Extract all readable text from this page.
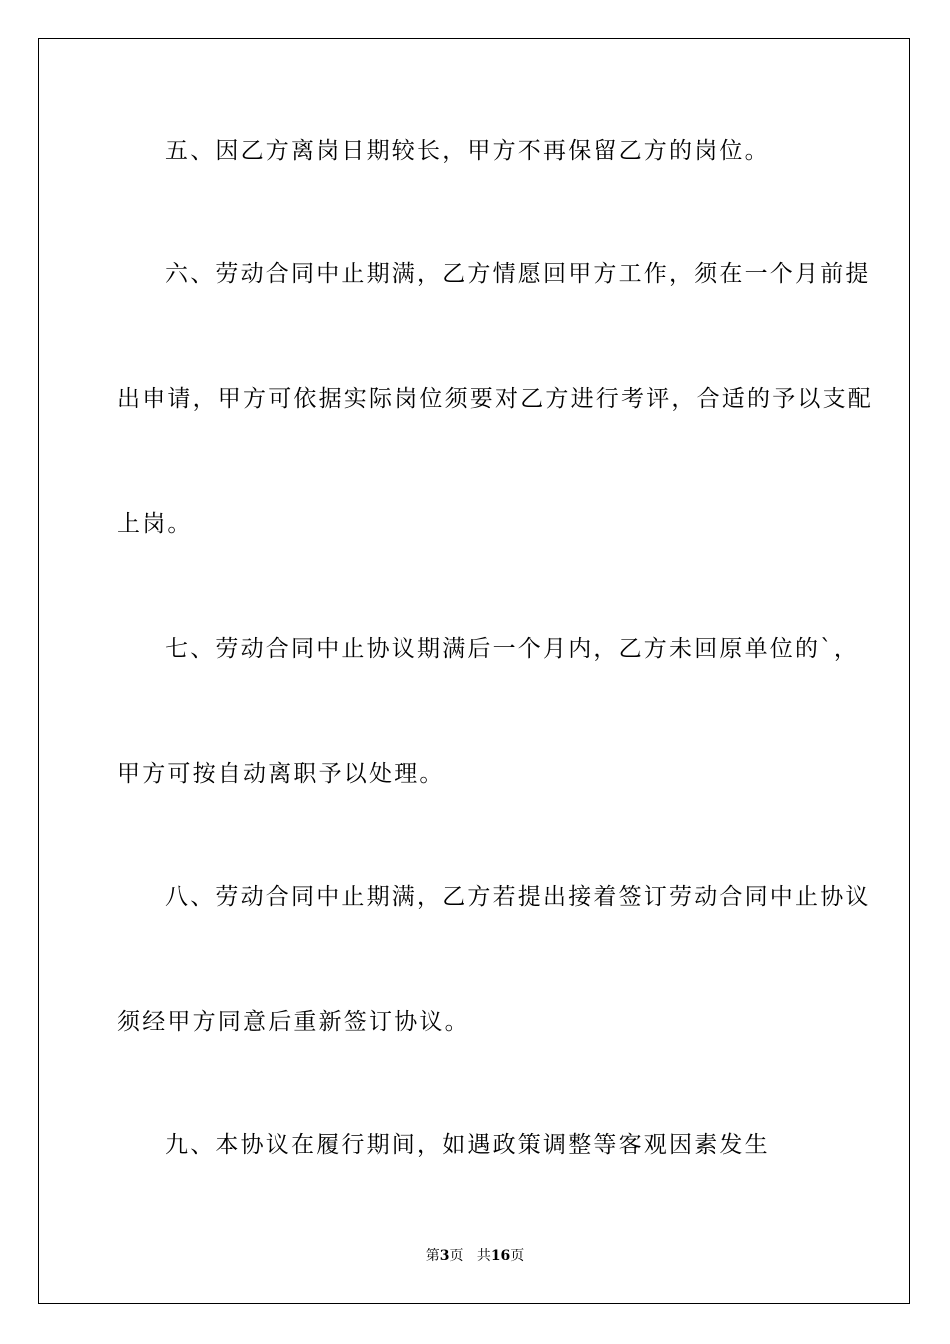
五、因乙方离岗日期较长，甲方不再保留乙方的岗位。
六、劳动合同中止期满，乙方情愿回甲方工作，须在一个月前提
出申请，甲方可依据实际岗位须要对乙方进行考评，合适的予以支配
上岗。
七、劳动合同中止协议期满后一个月内，乙方未回原单位的`，
甲方可按自动离职予以处理。
八、劳动合同中止期满，乙方若提出接着签订劳动合同中止协议
须经甲方同意后重新签订协议。
九、本协议在履行期间，如遇政策调整等客观因素发生
第3页 共16页
